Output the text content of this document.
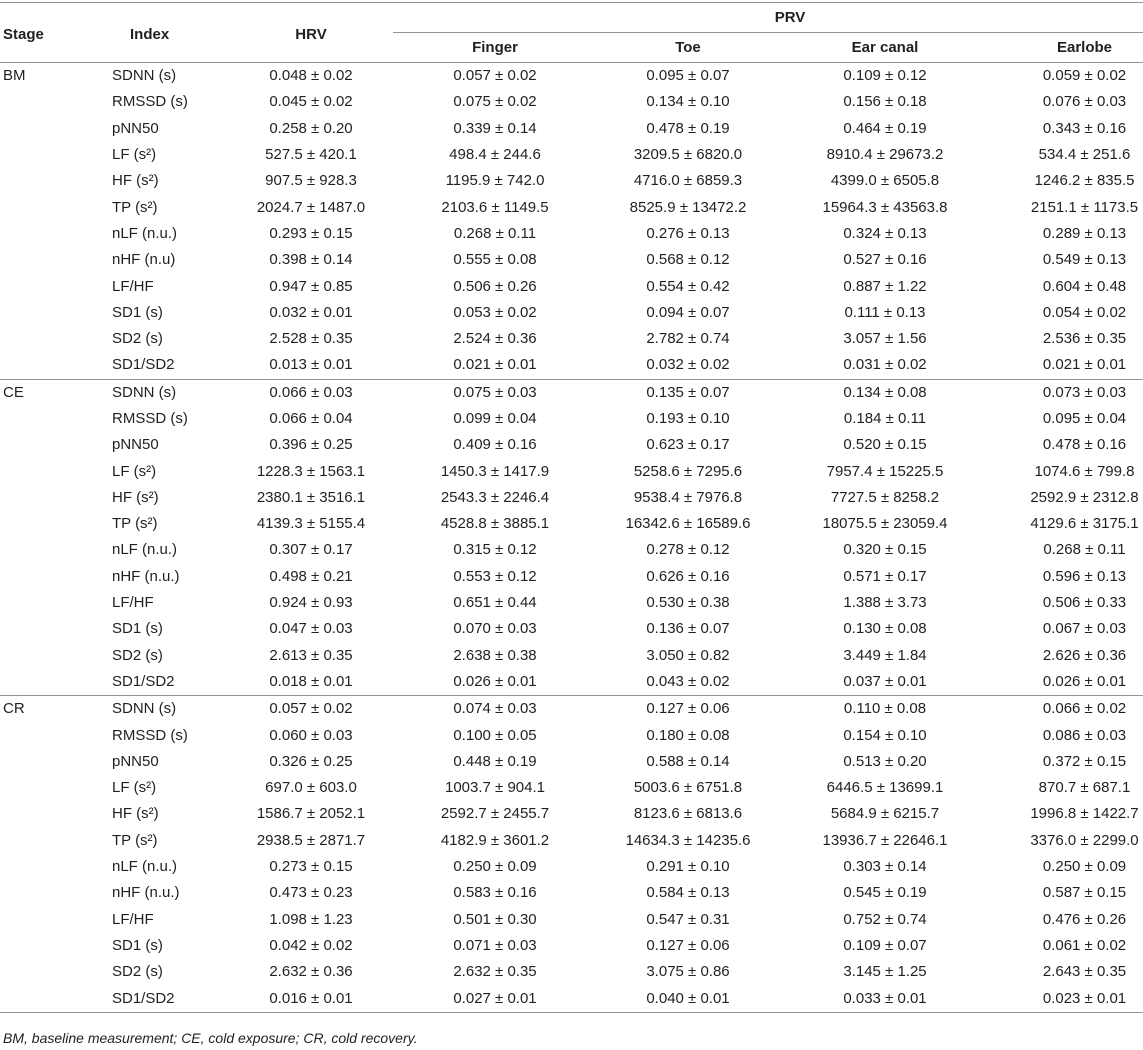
Stage	Index	HRV
PRV
Finger	Toe	Ear canal	Earlobe
BM	SDNN (s)	0.048 ± 0.02	0.057 ± 0.02	0.095 ± 0.07	0.109 ± 0.12	0.059 ± 0.02
RMSSD (s)	0.045 ± 0.02	0.075 ± 0.02	0.134 ± 0.10	0.156 ± 0.18	0.076 ± 0.03
pNN50	0.258 ± 0.20	0.339 ± 0.14	0.478 ± 0.19	0.464 ± 0.19	0.343 ± 0.16
LF (s²)	527.5 ± 420.1	498.4 ± 244.6	3209.5 ± 6820.0	8910.4 ± 29673.2	534.4 ± 251.6
HF (s²)	907.5 ± 928.3	1195.9 ± 742.0	4716.0 ± 6859.3	4399.0 ± 6505.8	1246.2 ± 835.5
TP (s²)	2024.7 ± 1487.0	2103.6 ± 1149.5	8525.9 ± 13472.2	15964.3 ± 43563.8	2151.1 ± 1173.5
nLF (n.u.)	0.293 ± 0.15	0.268 ± 0.11	0.276 ± 0.13	0.324 ± 0.13	0.289 ± 0.13
nHF (n.u)	0.398 ± 0.14	0.555 ± 0.08	0.568 ± 0.12	0.527 ± 0.16	0.549 ± 0.13
LF/HF	0.947 ± 0.85	0.506 ± 0.26	0.554 ± 0.42	0.887 ± 1.22	0.604 ± 0.48
SD1 (s)	0.032 ± 0.01	0.053 ± 0.02	0.094 ± 0.07	0.111 ± 0.13	0.054 ± 0.02
SD2 (s)	2.528 ± 0.35	2.524 ± 0.36	2.782 ± 0.74	3.057 ± 1.56	2.536 ± 0.35
SD1/SD2	0.013 ± 0.01	0.021 ± 0.01	0.032 ± 0.02	0.031 ± 0.02	0.021 ± 0.01
CE	SDNN (s)	0.066 ± 0.03	0.075 ± 0.03	0.135 ± 0.07	0.134 ± 0.08	0.073 ± 0.03
RMSSD (s)	0.066 ± 0.04	0.099 ± 0.04	0.193 ± 0.10	0.184 ± 0.11	0.095 ± 0.04
pNN50	0.396 ± 0.25	0.409 ± 0.16	0.623 ± 0.17	0.520 ± 0.15	0.478 ± 0.16
LF (s²)	1228.3 ± 1563.1	1450.3 ± 1417.9	5258.6 ± 7295.6	7957.4 ± 15225.5	1074.6 ± 799.8
HF (s²)	2380.1 ± 3516.1	2543.3 ± 2246.4	9538.4 ± 7976.8	7727.5 ± 8258.2	2592.9 ± 2312.8
TP (s²)	4139.3 ± 5155.4	4528.8 ± 3885.1	16342.6 ± 16589.6	18075.5 ± 23059.4	4129.6 ± 3175.1
nLF (n.u.)	0.307 ± 0.17	0.315 ± 0.12	0.278 ± 0.12	0.320 ± 0.15	0.268 ± 0.11
nHF (n.u.)	0.498 ± 0.21	0.553 ± 0.12	0.626 ± 0.16	0.571 ± 0.17	0.596 ± 0.13
LF/HF	0.924 ± 0.93	0.651 ± 0.44	0.530 ± 0.38	1.388 ± 3.73	0.506 ± 0.33
SD1 (s)	0.047 ± 0.03	0.070 ± 0.03	0.136 ± 0.07	0.130 ± 0.08	0.067 ± 0.03
SD2 (s)	2.613 ± 0.35	2.638 ± 0.38	3.050 ± 0.82	3.449 ± 1.84	2.626 ± 0.36
SD1/SD2	0.018 ± 0.01	0.026 ± 0.01	0.043 ± 0.02	0.037 ± 0.01	0.026 ± 0.01
CR	SDNN (s)	0.057 ± 0.02	0.074 ± 0.03	0.127 ± 0.06	0.110 ± 0.08	0.066 ± 0.02
RMSSD (s)	0.060 ± 0.03	0.100 ± 0.05	0.180 ± 0.08	0.154 ± 0.10	0.086 ± 0.03
pNN50	0.326 ± 0.25	0.448 ± 0.19	0.588 ± 0.14	0.513 ± 0.20	0.372 ± 0.15
LF (s²)	697.0 ± 603.0	1003.7 ± 904.1	5003.6 ± 6751.8	6446.5 ± 13699.1	870.7 ± 687.1
HF (s²)	1586.7 ± 2052.1	2592.7 ± 2455.7	8123.6 ± 6813.6	5684.9 ± 6215.7	1996.8 ± 1422.7
TP (s²)	2938.5 ± 2871.7	4182.9 ± 3601.2	14634.3 ± 14235.6	13936.7 ± 22646.1	3376.0 ± 2299.0
nLF (n.u.)	0.273 ± 0.15	0.250 ± 0.09	0.291 ± 0.10	0.303 ± 0.14	0.250 ± 0.09
nHF (n.u.)	0.473 ± 0.23	0.583 ± 0.16	0.584 ± 0.13	0.545 ± 0.19	0.587 ± 0.15
LF/HF	1.098 ± 1.23	0.501 ± 0.30	0.547 ± 0.31	0.752 ± 0.74	0.476 ± 0.26
SD1 (s)	0.042 ± 0.02	0.071 ± 0.03	0.127 ± 0.06	0.109 ± 0.07	0.061 ± 0.02
SD2 (s)	2.632 ± 0.36	2.632 ± 0.35	3.075 ± 0.86	3.145 ± 1.25	2.643 ± 0.35
SD1/SD2	0.016 ± 0.01	0.027 ± 0.01	0.040 ± 0.01	0.033 ± 0.01	0.023 ± 0.01
BM, baseline measurement; CE, cold exposure; CR, cold recovery.
